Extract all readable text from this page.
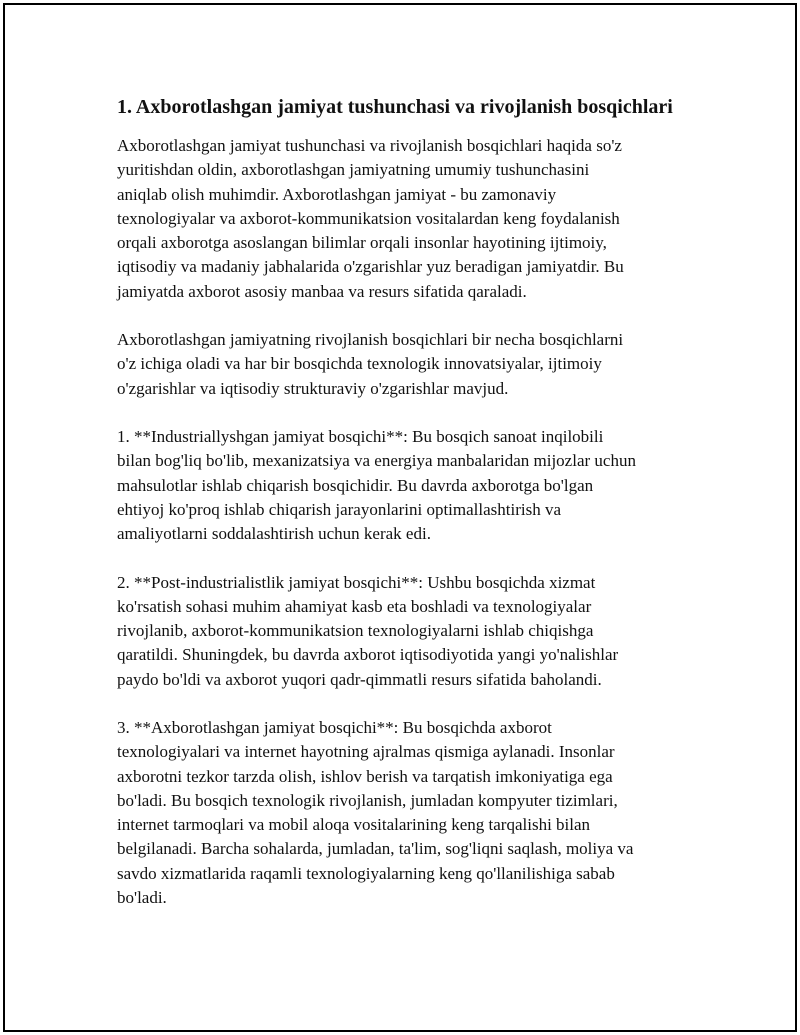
1. Axborotlashgan jamiyat tushunchasi va rivojlanish bosqichlari

Axborotlashgan jamiyat tushunchasi va rivojlanish bosqichlari haqida so'z
yuritishdan oldin, axborotlashgan jamiyatning umumiy tushunchasini
aniqlab olish muhimdir. Axborotlashgan jamiyat - bu zamonaviy
texnologiyalar va axborot-kommunikatsion vositalardan keng foydalanish
orqali axborotga asoslangan bilimlar orqali insonlar hayotining ijtimoiy,
iqtisodiy va madaniy jabhalarida o'zgarishlar yuz beradigan jamiyatdir. Bu
jamiyatda axborot asosiy manbaa va resurs sifatida qaraladi.

Axborotlashgan jamiyatning rivojlanish bosqichlari bir necha bosqichlarni
o'z ichiga oladi va har bir bosqichda texnologik innovatsiyalar, ijtimoiy
o'zgarishlar va iqtisodiy strukturaviy o'zgarishlar mavjud.

1. **Industriallyshgan jamiyat bosqichi**: Bu bosqich sanoat inqilobili
bilan bog'liq bo'lib, mexanizatsiya va energiya manbalaridan mijozlar uchun
mahsulotlar ishlab chiqarish bosqichidir. Bu davrda axborotga bo'lgan
ehtiyoj ko'proq ishlab chiqarish jarayonlarini optimallashtirish va
amaliyotlarni soddalashtirish uchun kerak edi.

2. **Post-industrialistlik jamiyat bosqichi**: Ushbu bosqichda xizmat
ko'rsatish sohasi muhim ahamiyat kasb eta boshladi va texnologiyalar
rivojlanib, axborot-kommunikatsion texnologiyalarni ishlab chiqishga
qaratildi. Shuningdek, bu davrda axborot iqtisodiyotida yangi yo'nalishlar
paydo bo'ldi va axborot yuqori qadr-qimmatli resurs sifatida baholandi.

3. **Axborotlashgan jamiyat bosqichi**: Bu bosqichda axborot
texnologiyalari va internet hayotning ajralmas qismiga aylanadi. Insonlar
axborotni tezkor tarzda olish, ishlov berish va tarqatish imkoniyatiga ega
bo'ladi. Bu bosqich texnologik rivojlanish, jumladan kompyuter tizimlari,
internet tarmoqlari va mobil aloqa vositalarining keng tarqalishi bilan
belgilanadi. Barcha sohalarda, jumladan, ta'lim, sog'liqni saqlash, moliya va
savdo xizmatlarida raqamli texnologiyalarning keng qo'llanilishiga sabab
bo'ladi.
